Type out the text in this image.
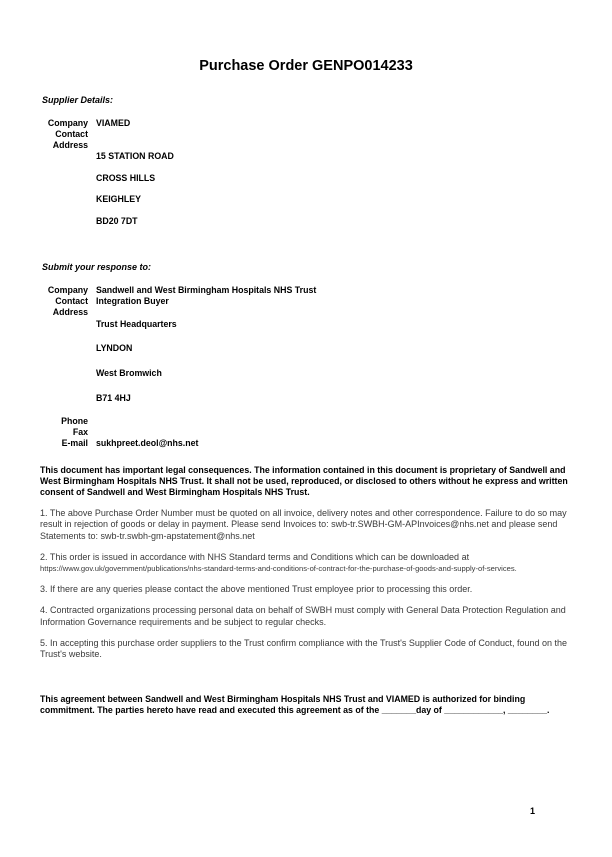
Purchase Order GENPO014233
Supplier Details:
Company VIAMED
Contact
Address

15 STATION ROAD

CROSS HILLS

KEIGHLEY

BD20 7DT

Submit your response to:
Company Sandwell and West Birmingham Hospitals NHS Trust
Contact Integration Buyer
Address

Trust Headquarters

LYNDON

West Bromwich

B71 4HJ

Phone
Fax
E-mail sukhpreet.deol@nhs.net

This document has important legal consequences. The information contained in this document is proprietary of Sandwell and West Birmingham Hospitals NHS Trust. It shall not be used, reproduced, or disclosed to others without he express and written consent of Sandwell and West Birmingham Hospitals NHS Trust.

1. The above Purchase Order Number must be quoted on all invoice, delivery notes and other correspondence. Failure to do so may result in rejection of goods or delay in payment. Please send Invoices to: swb-tr.SWBH-GM-APInvoices@nhs.net and please send Statements to: swb-tr.swbh-gm-apstatement@nhs.net

2. This order is issued in accordance with NHS Standard terms and Conditions which can be downloaded at https://www.gov.uk/government/publications/nhs-standard-terms-and-conditions-of-contract-for-the-purchase-of-goods-and-supply-of-services.

3. If there are any queries please contact the above mentioned Trust employee prior to processing this order.

4. Contracted organizations processing personal data on behalf of SWBH must comply with General Data Protection Regulation and Information Governance requirements and be subject to regular checks.

5. In accepting this purchase order suppliers to the Trust confirm compliance with the Trust's Supplier Code of Conduct, found on the Trust's website.

This agreement between Sandwell and West Birmingham Hospitals NHS Trust and VIAMED is authorized for binding commitment. The parties hereto have read and executed this agreement as of the _______day of ____________, ________.

1
